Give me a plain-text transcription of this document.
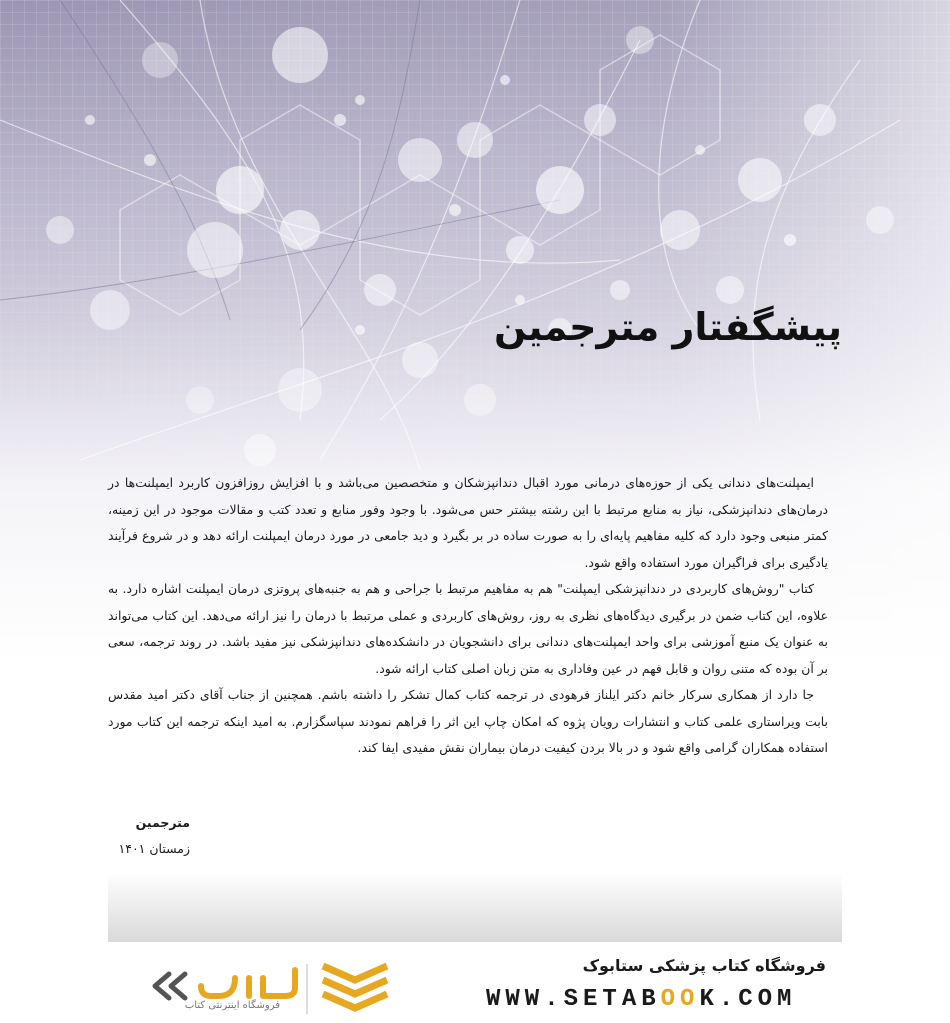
پیشگفتار مترجمین

ایمپلنت‌های دندانی یکی از حوزه‌های درمانی مورد اقبال دندانپزشکان و متخصصین می‌باشد و با افزایش روزافزون کاربرد ایمپلنت‌ها در درمان‌های دندانپزشکی، نیاز به منابع مرتبط با این رشته بیشتر حس می‌شود. با وجود وفور منابع و تعدد کتب و مقالات موجود در این زمینه، کمتر منبعی وجود دارد که کلیه مفاهیم پایه‌ای را به صورت ساده در بر بگیرد و دید جامعی در مورد درمان ایمپلنت ارائه دهد و در شروع فرآیند یادگیری برای فراگیران مورد استفاده واقع شود.

کتاب "روش‌های کاربردی در دندانپزشکی ایمپلنت" هم به مفاهیم مرتبط با جراحی و هم به جنبه‌های پروتزی درمان ایمپلنت اشاره دارد. به علاوه، این کتاب ضمن در برگیری دیدگاه‌های نظری به روز، روش‌های کاربردی و عملی مرتبط با درمان را نیز ارائه می‌دهد. این کتاب می‌تواند به عنوان یک منبع آموزشی برای واحد ایمپلنت‌های دندانی برای دانشجویان در دانشکده‌های دندانپزشکی نیز مفید باشد. در روند ترجمه، سعی بر آن بوده که متنی روان و قابل فهم در عین وفاداری به متن زبان اصلی کتاب ارائه شود.

جا دارد از همکاری سرکار خانم دکتر ایلناز فرهودی در ترجمه کتاب کمال تشکر را داشته باشم. همچنین از جناب آقای دکتر امید مقدس بابت ویراستاری علمی کتاب و انتشارات رویان پژوه که امکان چاپ این اثر را فراهم نمودند سپاسگزارم. به امید اینکه ترجمه این کتاب مورد استفاده همکاران گرامی واقع شود و در بالا بردن کیفیت درمان بیماران نقش مفیدی ایفا کند.

مترجمین
زمستان ۱۴۰۱
فروشگاه کتاب پزشکی ستابوک
WWW.SETABOOK.COM
فروشگاه اینترنتی کتاب
